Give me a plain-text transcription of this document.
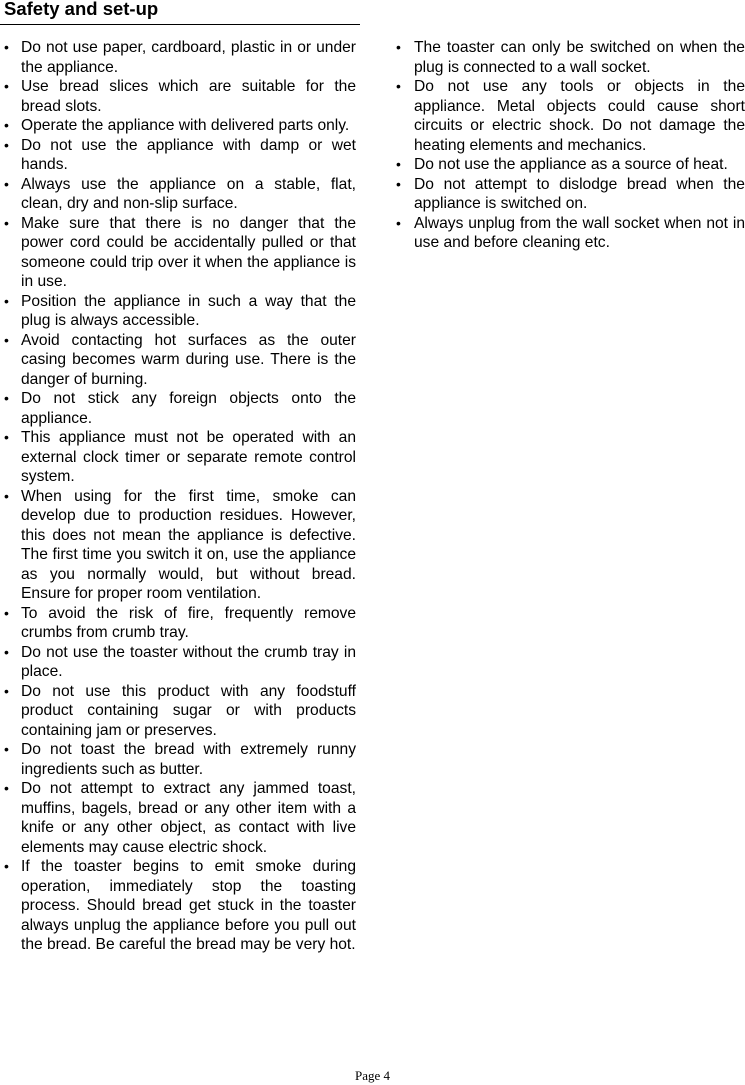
Safety and set-up
• Do not use paper, cardboard, plastic in or under the appliance.
• Use bread slices which are suitable for the bread slots.
• Operate the appliance with delivered parts only.
• Do not use the appliance with damp or wet hands.
• Always use the appliance on a stable, flat, clean, dry and non-slip surface.
• Make sure that there is no danger that the power cord could be accidentally pulled or that someone could trip over it when the appliance is in use.
• Position the appliance in such a way that the plug is always accessible.
• Avoid contacting hot surfaces as the outer casing becomes warm during use. There is the danger of burning.
• Do not stick any foreign objects onto the appliance.
• This appliance must not be operated with an external clock timer or separate remote control system.
• When using for the first time, smoke can develop due to production residues. However, this does not mean the appliance is defective. The first time you switch it on, use the appliance as you normally would, but without bread. Ensure for proper room ventilation.
• To avoid the risk of fire, frequently remove crumbs from crumb tray.
• Do not use the toaster without the crumb tray in place.
• Do not use this product with any foodstuff product containing sugar or with products containing jam or preserves.
• Do not toast the bread with extremely runny ingredients such as butter.
• Do not attempt to extract any jammed toast, muffins, bagels, bread or any other item with a knife or any other object, as contact with live elements may cause electric shock.
• If the toaster begins to emit smoke during operation, immediately stop the toasting process. Should bread get stuck in the toaster always unplug the appliance before you pull out the bread. Be careful the bread may be very hot.
• The toaster can only be switched on when the plug is connected to a wall socket.
• Do not use any tools or objects in the appliance. Metal objects could cause short circuits or electric shock. Do not damage the heating elements and mechanics.
• Do not use the appliance as a source of heat.
• Do not attempt to dislodge bread when the appliance is switched on.
• Always unplug from the wall socket when not in use and before cleaning etc.
Page 4
